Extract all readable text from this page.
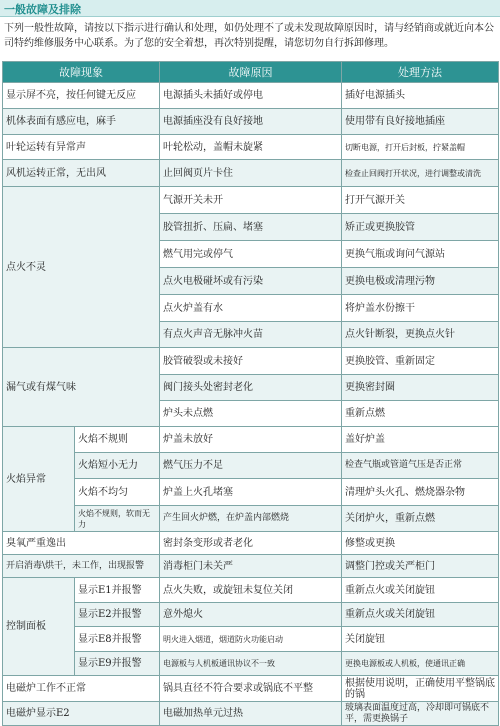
一般故障及排除

下列一般性故障，请按以下指示进行确认和处理，如仍处理不了或未发现故障原因时，请与经销商或就近向本公司特约维修服务中心联系。为了您的安全着想，再次特别提醒，请您切勿自行拆卸修理。

故障现象		故障原因	处理方法
显示屏不亮，按任何键无反应		电源插头未插好或停电	插好电源插头
机体表面有感应电，麻手		电源插座没有良好接地	使用带有良好接地插座
叶轮运转有异常声		叶轮松动，盖帽未旋紧	切断电源，打开后封板，拧紧盖帽
风机运转正常，无出风		止回阀页片卡住	检查止回阀打开状况，进行调整或清洗
点火不灵		气源开关未开	打开气源开关
		胶管扭折、压扁、堵塞	矫正或更换胶管
		燃气用完或停气	更换气瓶或询问气源站
		点火电极碰坏或有污染	更换电极或清理污物
		点火炉盖有水	将炉盖水份擦干
		有点火声音无脉冲火苗	点火针断裂，更换点火针
漏气或有煤气味		胶管破裂或未接好	更换胶管、重新固定
		阀门接头处密封老化	更换密封圈
		炉头未点燃	重新点燃
火焰异常	火焰不规则	炉盖未放好	盖好炉盖
	火焰短小无力	燃气压力不足	检查气瓶或管道气压是否正常
	火焰不均匀	炉盖上火孔堵塞	清理炉头火孔、燃烧器杂物
	火焰不规则，软而无力	产生回火炉燃，在炉盖内部燃烧	关闭炉火，重新点燃
臭氧严重逸出		密封条变形或者老化	修整或更换
开启消毒\烘干，未工作，出现报警		消毒柜门未关严	调整门控或关严柜门
控制面板	显示E1并报警	点火失败，或旋钮未复位关闭	重新点火或关闭旋钮
	显示E2并报警	意外熄火	重新点火或关闭旋钮
	显示E8并报警	明火进入烟道，烟道防火功能启动	关闭旋钮
	显示E9并报警	电源板与人机板通讯协议不一致	更换电源板或人机板，使通讯正确
电磁炉工作不正常		锅具直径不符合要求或锅底不平整	根据使用说明，正确使用平整锅底的锅
电磁炉显示E2		电磁加热单元过热	玻璃表面温度过高，冷却即可锅底不平，需更换锅子
